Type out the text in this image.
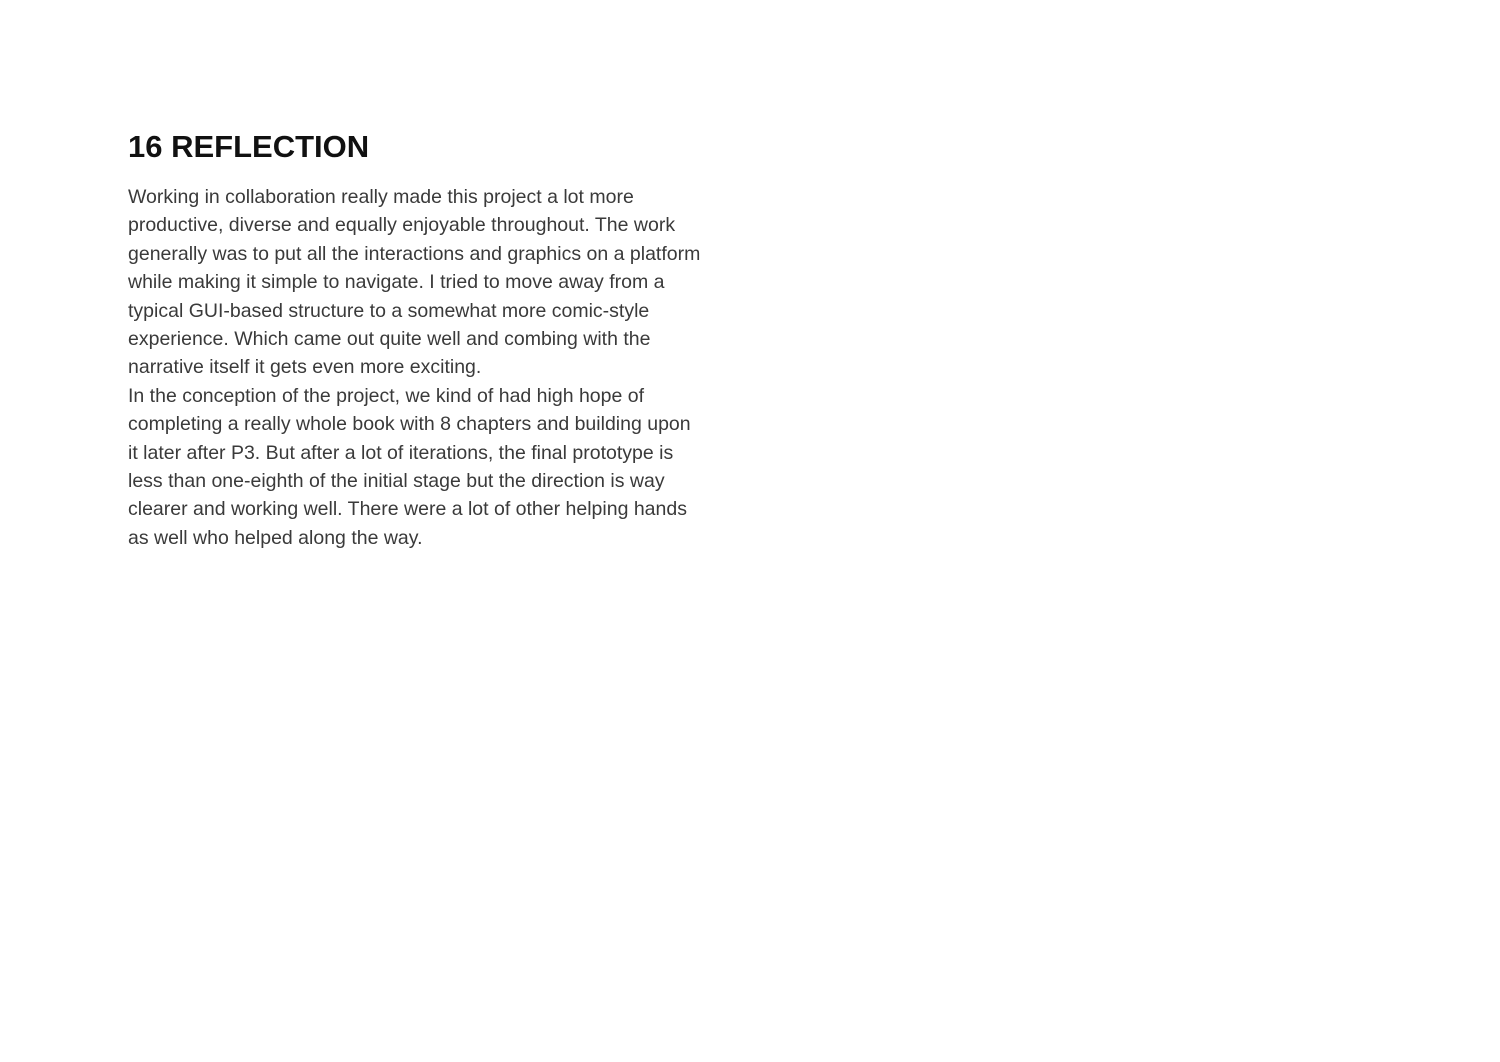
16 REFLECTION
Working in collaboration really made this project a lot more
productive, diverse and equally enjoyable throughout. The work
generally was to put all the interactions and graphics on a platform
while making it simple to navigate. I tried to move away from a
typical GUI-based structure to a somewhat more comic-style
experience. Which came out quite well and combing with the
narrative itself it gets even more exciting.
In the conception of the project, we kind of had high hope of
completing a really whole book with 8 chapters and building upon
it later after P3. But after a lot of iterations, the final prototype is
less than one-eighth of the initial stage but the direction is way
clearer and working well. There were a lot of other helping hands
as well who helped along the way.
